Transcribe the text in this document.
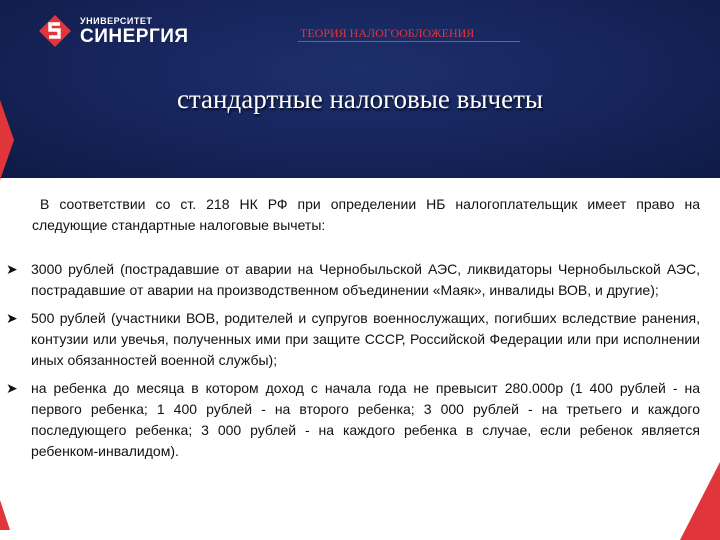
УНИВЕРСИТЕТ
СИНЕРГИЯ	ТЕОРИЯ НАЛОГООБЛОЖЕНИЯ
стандартные налоговые вычеты
В соответствии со ст. 218 НК РФ при определении НБ налогоплательщик имеет право на следующие стандартные налоговые вычеты:
➤ 3000 рублей (пострадавшие от аварии на Чернобыльской АЭС, ликвидаторы Чернобыльской АЭС, пострадавшие от аварии на производственном объединении «Маяк», инвалиды ВОВ, и другие);
➤ 500 рублей (участники ВОВ, родителей и супругов военнослужащих, погибших вследствие ранения, контузии или увечья, полученных ими при защите СССР, Российской Федерации или при исполнении иных обязанностей военной службы);
➤ на ребенка до месяца в котором доход с начала года не превысит 280.000р (1 400 рублей - на первого ребенка; 1 400 рублей - на второго ребенка; 3 000 рублей - на третьего и каждого последующего ребенка; 3 000 рублей - на каждого ребенка в случае, если ребенок является ребенком-инвалидом).
